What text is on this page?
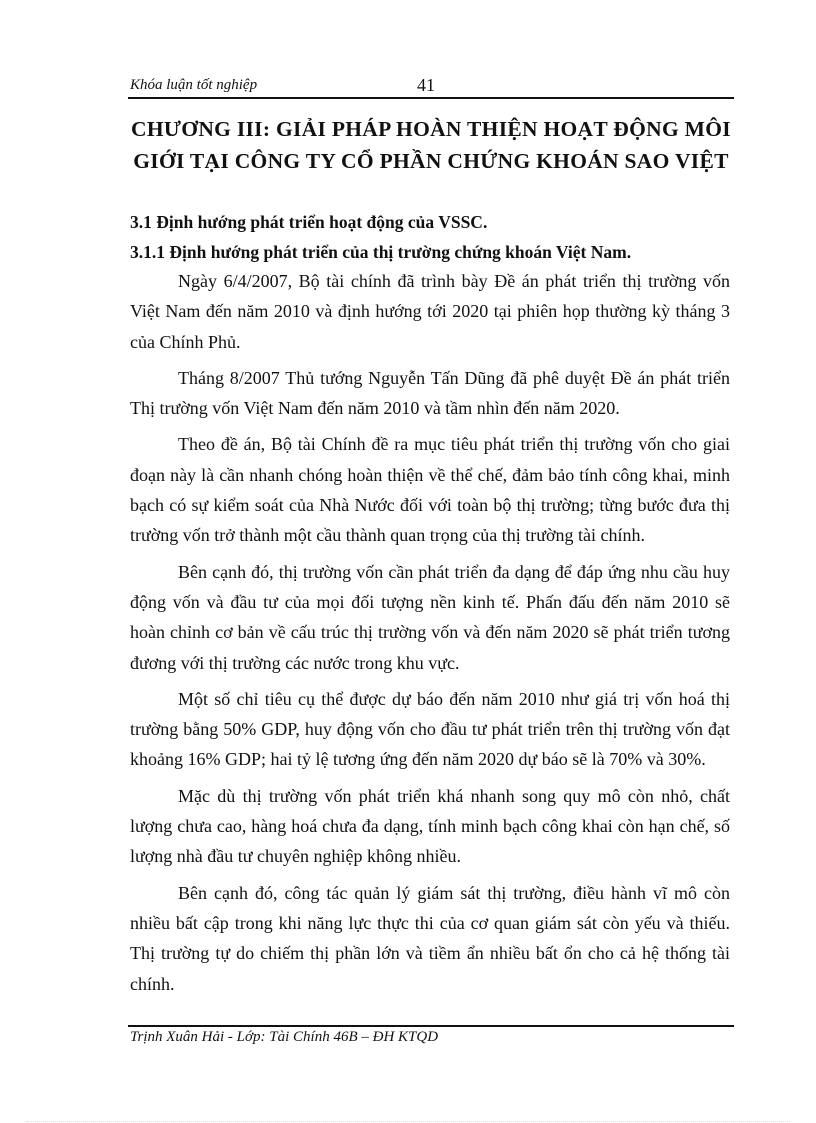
Khóa luận tốt nghiệp	41
CHƯƠNG III: GIẢI PHÁP HOÀN THIỆN HOẠT ĐỘNG MÔI GIỚI TẠI CÔNG TY CỔ PHẦN CHỨNG KHOÁN SAO VIỆT
3.1 Định hướng phát triển hoạt động của VSSC.
3.1.1 Định hướng phát triển của thị trường chứng khoán Việt Nam.

Ngày 6/4/2007, Bộ tài chính đã trình bày Đề án phát triển thị trường vốn Việt Nam đến năm 2010 và định hướng tới 2020 tại phiên họp thường kỳ tháng 3 của Chính Phủ.

Tháng 8/2007 Thủ tướng Nguyễn Tấn Dũng đã phê duyệt Đề án phát triển Thị trường vốn Việt Nam đến năm 2010 và tầm nhìn đến năm 2020.

Theo đề án, Bộ tài Chính đề ra mục tiêu phát triển thị trường vốn cho giai đoạn này là cần nhanh chóng hoàn thiện về thể chế, đảm bảo tính công khai, minh bạch có sự kiểm soát của Nhà Nước đối với toàn bộ thị trường; từng bước đưa thị trường vốn trở thành một cầu thành quan trọng của thị trường tài chính.

Bên cạnh đó, thị trường vốn cần phát triển đa dạng để đáp ứng nhu cầu huy động vốn và đầu tư của mọi đối tượng nền kinh tế. Phấn đấu đến năm 2010 sẽ hoàn chỉnh cơ bản về cấu trúc thị trường vốn và đến năm 2020 sẽ phát triển tương đương với thị trường các nước trong khu vực.

Một số chỉ tiêu cụ thể được dự báo đến năm 2010 như giá trị vốn hoá thị trường bằng 50% GDP, huy động vốn cho đầu tư phát triển trên thị trường vốn đạt khoảng 16% GDP; hai tỷ lệ tương ứng đến năm 2020 dự báo sẽ là 70% và 30%.

Mặc dù thị trường vốn phát triển khá nhanh song quy mô còn nhỏ, chất lượng chưa cao, hàng hoá chưa đa dạng, tính minh bạch công khai còn hạn chế, số lượng nhà đầu tư chuyên nghiệp không nhiều.

Bên cạnh đó, công tác quản lý giám sát thị trường, điều hành vĩ mô còn nhiều bất cập trong khi năng lực thực thi của cơ quan giám sát còn yếu và thiếu. Thị trường tự do chiếm thị phần lớn và tiềm ẩn nhiều bất ổn cho cả hệ thống tài chính.

Trịnh Xuân Hải - Lớp: Tài Chính 46B – ĐH KTQD
